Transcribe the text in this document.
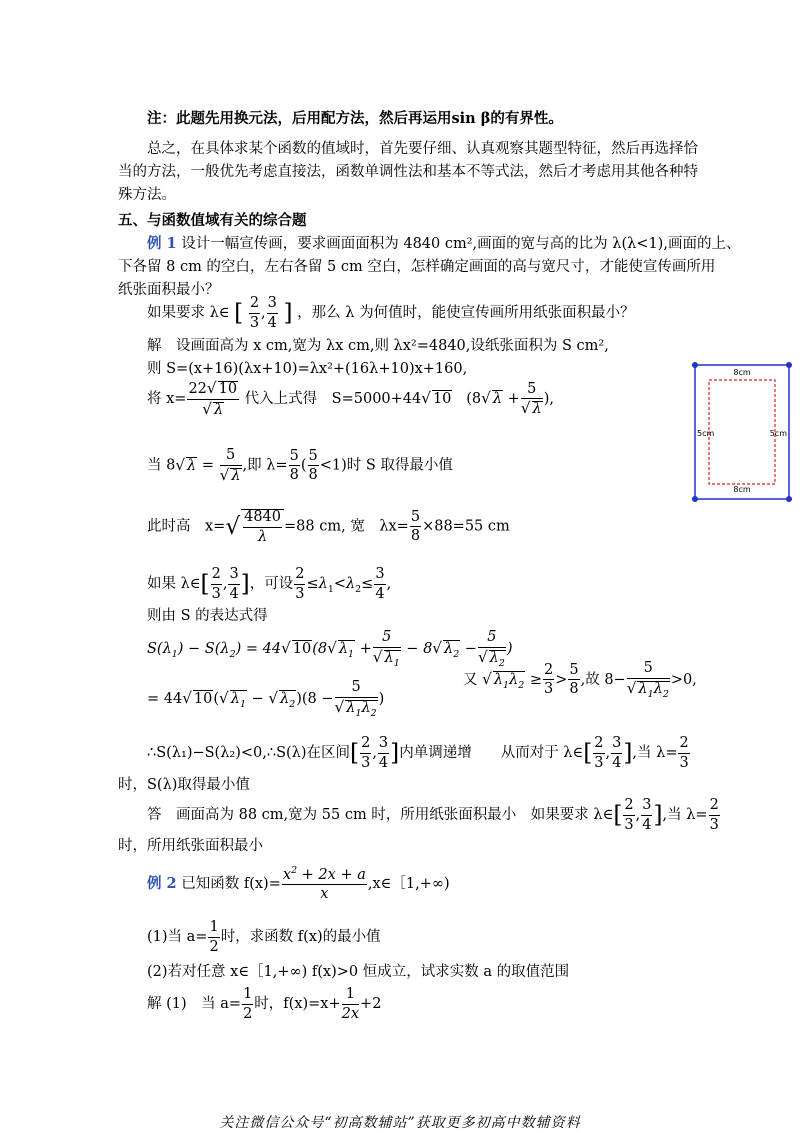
注：此题先用换元法，后用配方法，然后再运用sin β的有界性。
总之，在具体求某个函数的值域时，首先要仔细、认真观察其题型特征，然后再选择恰
当的方法，一般优先考虑直接法，函数单调性法和基本不等式法，然后才考虑用其他各种特
殊方法。
五、与函数值域有关的综合题
例 1 设计一幅宣传画，要求画面面积为 4840 cm²,画面的宽与高的比为 λ(λ<1),画面的上、
下各留 8 cm 的空白，左右各留 5 cm 空白，怎样确定画面的高与宽尺寸，才能使宣传画所用
纸张面积最小？
如果要求 λ∈ [ $\frac{2}{3}$ , $\frac{3}{4}$ ] ，那么 λ 为何值时，能使宣传画所用纸张面积最小？
解　设画面高为 x cm,宽为 λx cm,则 λx²=4840,设纸张面积为 S cm²,
则 S=(x+16)(λx+10)=λx²+(16λ+10)x+160,
将 $x= \frac{22√ 10}{√ \lambda}$ 代入上式得　S=5000+44√ 10   (8√ $\lambda + \frac{5}{√ \lambda}$ ),
当 8√ $\lambda = \frac{5}{√ \lambda}$ ,即 $\lambda= \frac{5}{8}$ ( $\frac{5}{8} <1$)时 S 取得最小值
此时高　$x=√ \frac{4840}{\lambda} =88$ cm, 宽　$\lambda x= \frac{5}{8} \times 88=55$ cm
如果 λ∈[ $\frac{2}{3}$ , $\frac{3}{4}$ ]，可设 $\frac{2}{3} \le\lambda_1<\lambda_2\le \frac{3}{4}$ ,
则由 S 的表达式得
$S(\lambda_1) - S(\lambda_2) = 44√$ 10(8√ $\lambda_1 + \frac{5}{√ \lambda_1} - 8√$ $\lambda_2 - \frac{5}{√ \lambda_2}$ )
= 44√ 10(√ $\lambda_1$ − √ $\lambda_2)(8 - \frac{5}{√ \lambda_1\lambda_2}$ )
又 √ $\lambda_1\lambda_2 \ge \frac{2}{3} > \frac{5}{8}$ ,故 $8- \frac{5}{√ \lambda_1\lambda_2} >0$,
∴S(λ₁)−S(λ₂)<0,∴S(λ)在区间[ $\frac{2}{3}$ , $\frac{3}{4}$ ]内单调递增　　从而对于 λ∈[ $\frac{2}{3}$ , $\frac{3}{4}$ ],当 $\lambda= \frac{2}{3}$
时，S(λ)取得最小值
答　画面高为 88 cm,宽为 55 cm 时，所用纸张面积最小　如果要求 λ∈[ $\frac{2}{3}$ , $\frac{3}{4}$ ],当 $\lambda= \frac{2}{3}$
时，所用纸张面积最小
例 2 已知函数 $f(x)= \frac{x^2 + 2x + a}{x}$ ,x∈［1,+∞)
(1)当 $a= \frac{1}{2}$ 时，求函数 f(x)的最小值
(2)若对任意 x∈［1,+∞) f(x)>0 恒成立，试求实数 a 的取值范围
解 (1)　当 $a= \frac{1}{2}$ 时，$f(x)=x+ \frac{1}{2x} +2$
8cm
8cm
5cm	5cm
关注微信公众号“初高数辅站”获取更多初高中数辅资料
